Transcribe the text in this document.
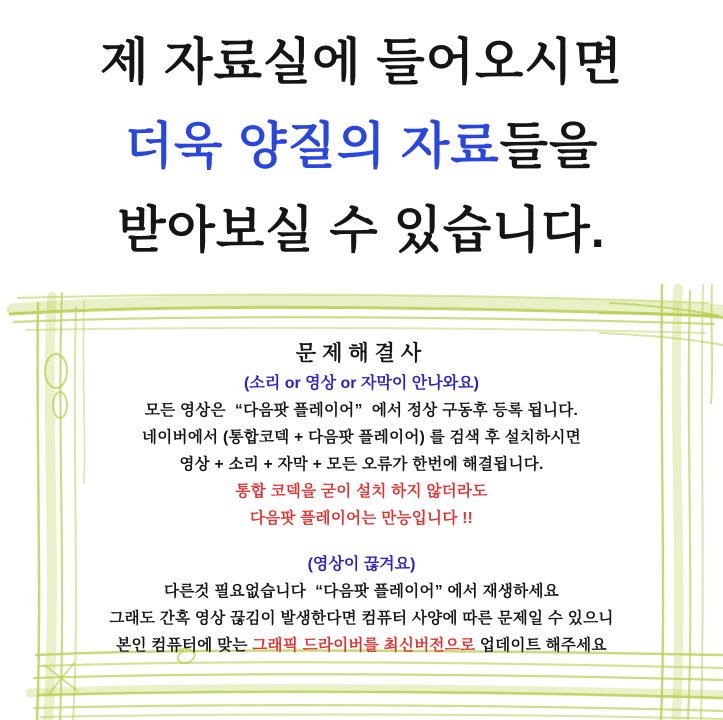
제 자료실에 들어오시면
더욱 양질의 자료들을
받아보실 수 있습니다.
문제해결사
(소리 or 영상 or 자막이 안나와요)
모든 영상은  “다음팟 플레이어”  에서 정상 구동후 등록 됩니다.
네이버에서 (통합코덱 + 다음팟 플레이어) 를 검색 후 설치하시면
영상 + 소리 + 자막 + 모든 오류가 한번에 해결됩니다.
통합 코덱을 굳이 설치 하지 않더라도
다음팟 플레이어는 만능입니다 !!
(영상이 끊겨요)
다른것 필요없습니다  “다음팟 플레이어” 에서 재생하세요
그래도 간혹 영상 끊김이 발생한다면 컴퓨터 사양에 따른 문제일 수 있으니
본인 컴퓨터에 맞는 그래픽 드라이버를 최신버전으로 업데이트 해주세요
